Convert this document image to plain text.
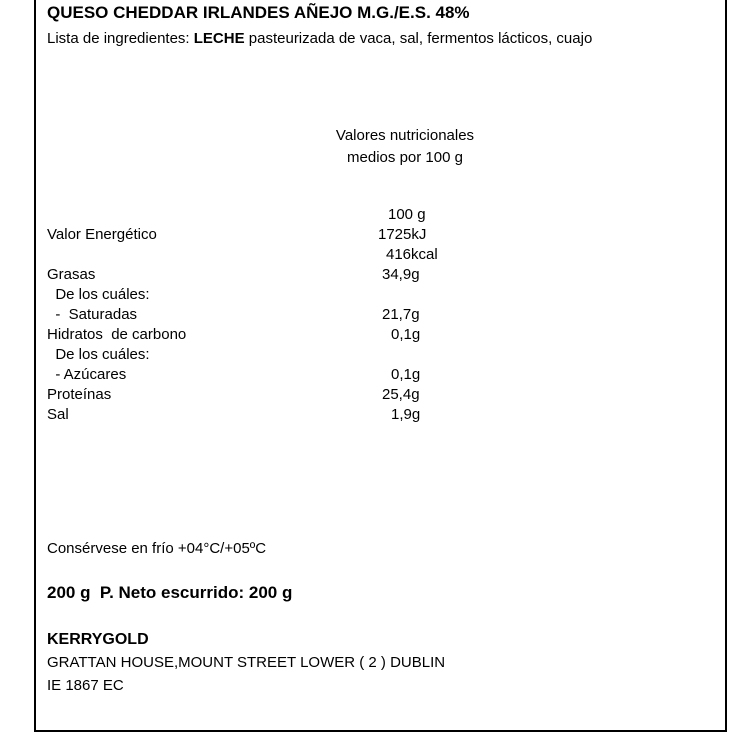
QUESO CHEDDAR IRLANDES AÑEJO M.G./E.S. 48%
Lista de ingredientes: LECHE pasteurizada de vaca, sal, fermentos lácticos, cuajo
Valores nutricionales
medios por 100 g
100 g
Valor Energético	1725kJ
416kcal
Grasas	34,9g
De los cuáles:
-  Saturadas	21,7g
Hidratos  de carbono	0,1g
De los cuáles:
- Azúcares	0,1g
Proteínas	25,4g
Sal	1,9g
Consérvese en frío +04°C/+05ºC
200 g  P. Neto escurrido: 200 g
KERRYGOLD
GRATTAN HOUSE,MOUNT STREET LOWER ( 2 ) DUBLIN
IE 1867 EC
